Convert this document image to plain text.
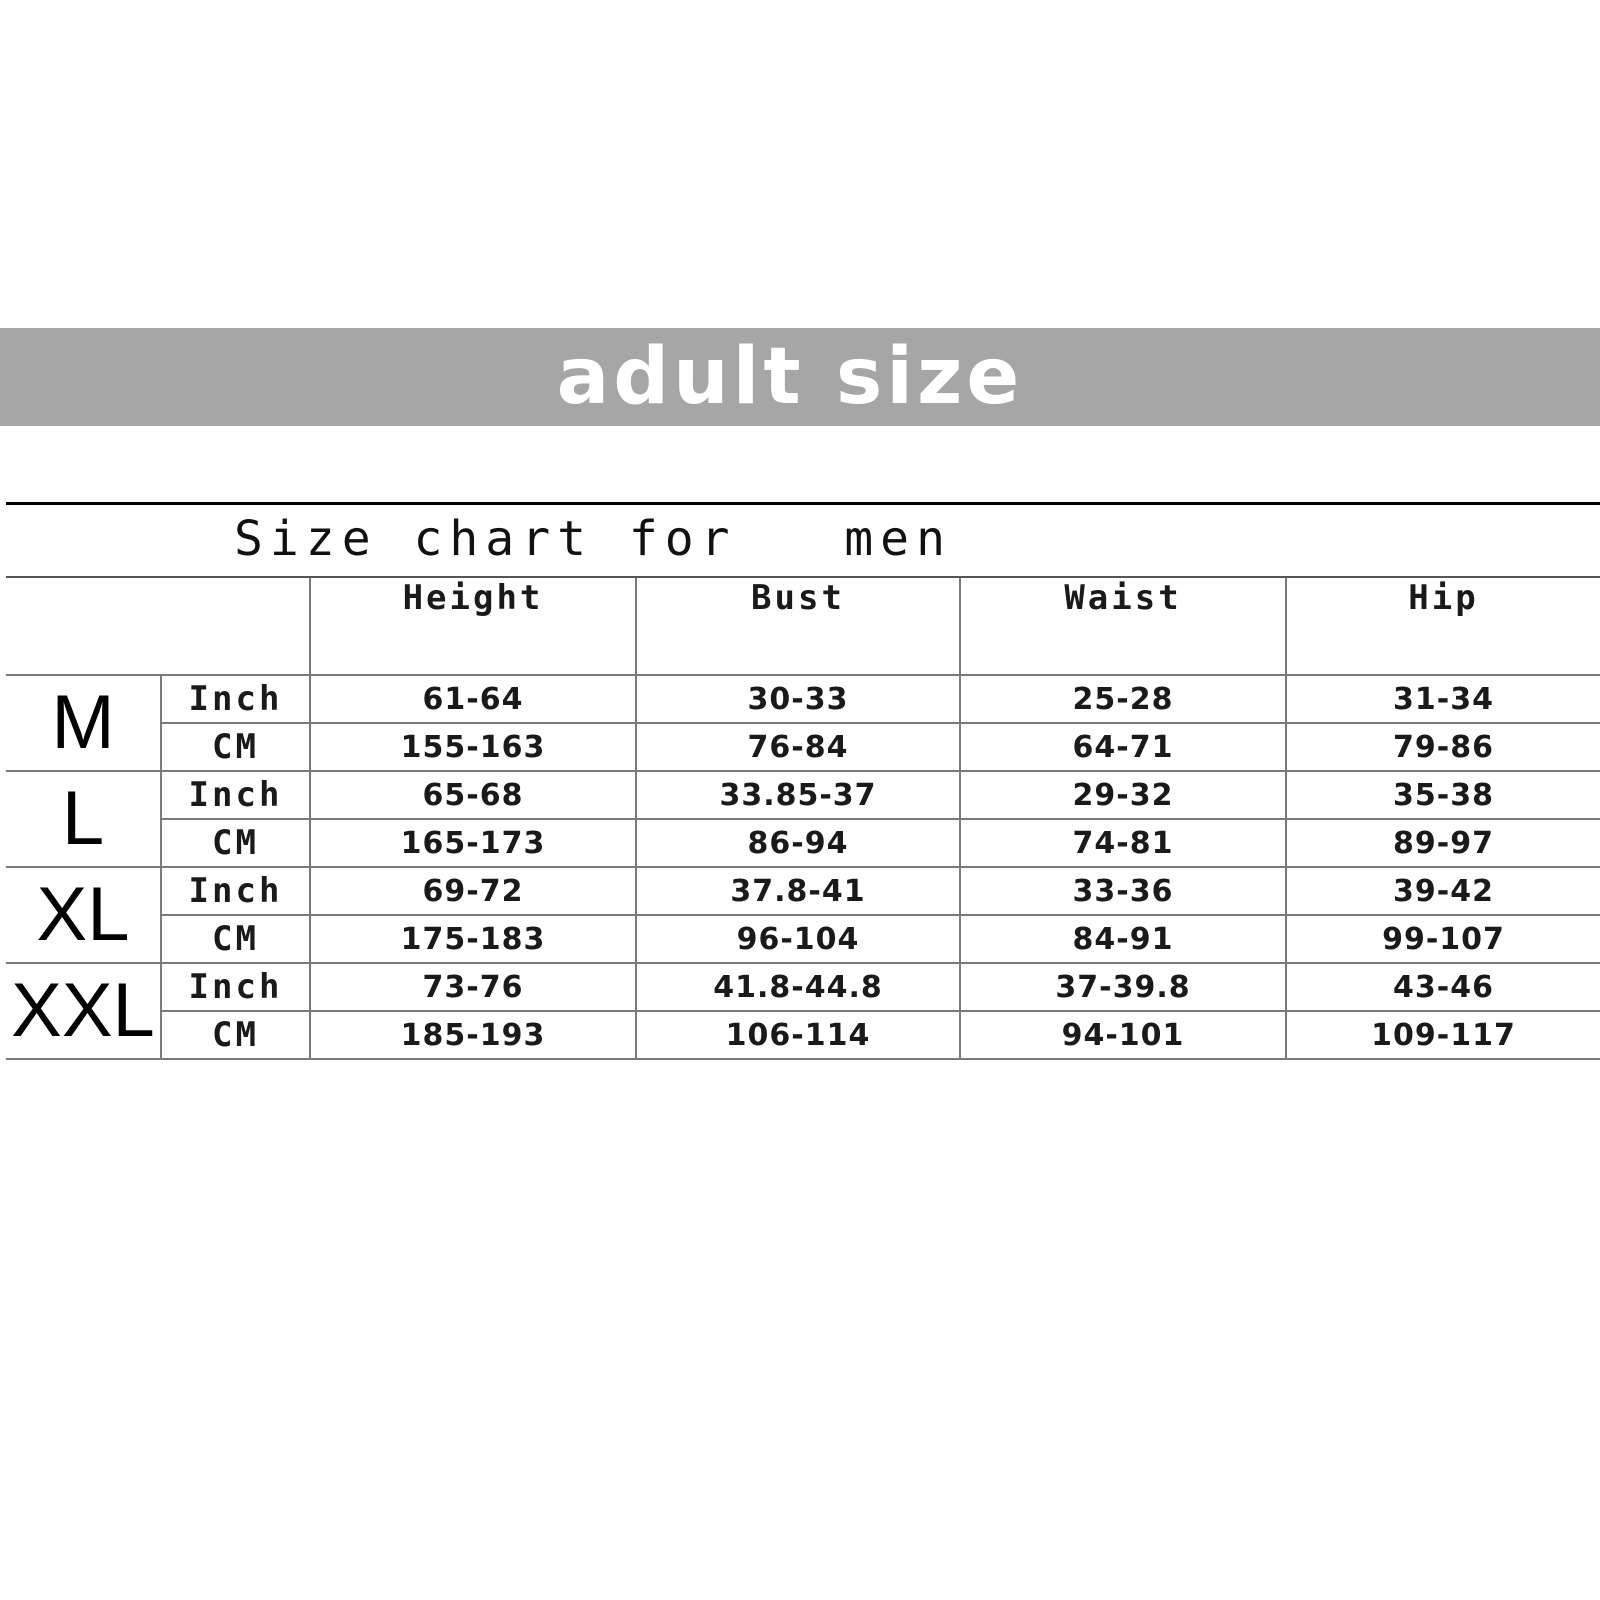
adult size
Size chart for   men
		Height	Bust	Waist	Hip
M	Inch	61-64	30-33	25-28	31-34
	CM	155-163	76-84	64-71	79-86
L	Inch	65-68	33.85-37	29-32	35-38
	CM	165-173	86-94	74-81	89-97
XL	Inch	69-72	37.8-41	33-36	39-42
	CM	175-183	96-104	84-91	99-107
XXL	Inch	73-76	41.8-44.8	37-39.8	43-46
	CM	185-193	106-114	94-101	109-117
